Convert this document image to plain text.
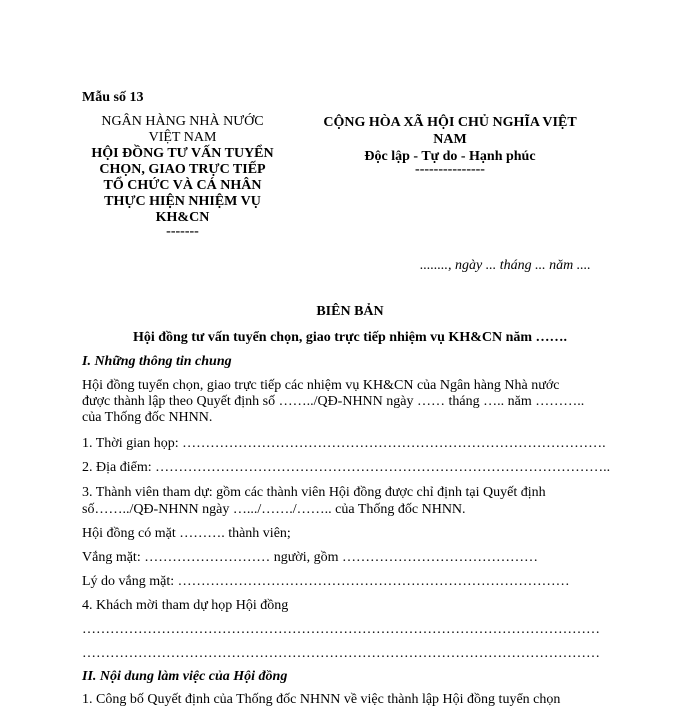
Mẫu số 13
NGÂN HÀNG NHÀ NƯỚC
VIỆT NAM
HỘI ĐỒNG TƯ VẤN TUYỂN
CHỌN, GIAO TRỰC TIẾP
TỔ CHỨC VÀ CÁ NHÂN
THỰC HIỆN NHIỆM VỤ
KH&CN
-------
CỘNG HÒA XÃ HỘI CHỦ NGHĨA VIỆT
NAM
Độc lập - Tự do - Hạnh phúc
---------------
........, ngày ... tháng ... năm ....
BIÊN BẢN
Hội đồng tư vấn tuyển chọn, giao trực tiếp nhiệm vụ KH&CN năm …….
I. Những thông tin chung
Hội đồng tuyển chọn, giao trực tiếp các nhiệm vụ KH&CN của Ngân hàng Nhà nước
được thành lập theo Quyết định số ……../QĐ-NHNN ngày …… tháng ….. năm ………..
của Thống đốc NHNN.
1. Thời gian họp: ……………………………………………………………………………….
2. Địa điểm: ……………………………………………………………………………………..
3. Thành viên tham dự: gồm các thành viên Hội đồng được chỉ định tại Quyết định
số……../QĐ-NHNN ngày ….../……./…….. của Thống đốc NHNN.
Hội đồng có mặt ………. thành viên;
Vắng mặt: ……………………… người, gồm ……………………………………
Lý do vắng mặt: …………………………………………………………………………
4. Khách mời tham dự họp Hội đồng
…………………………………………………………………………………………………
…………………………………………………………………………………………………
II. Nội dung làm việc của Hội đồng
1. Công bố Quyết định của Thống đốc NHNN về việc thành lập Hội đồng tuyển chọn
